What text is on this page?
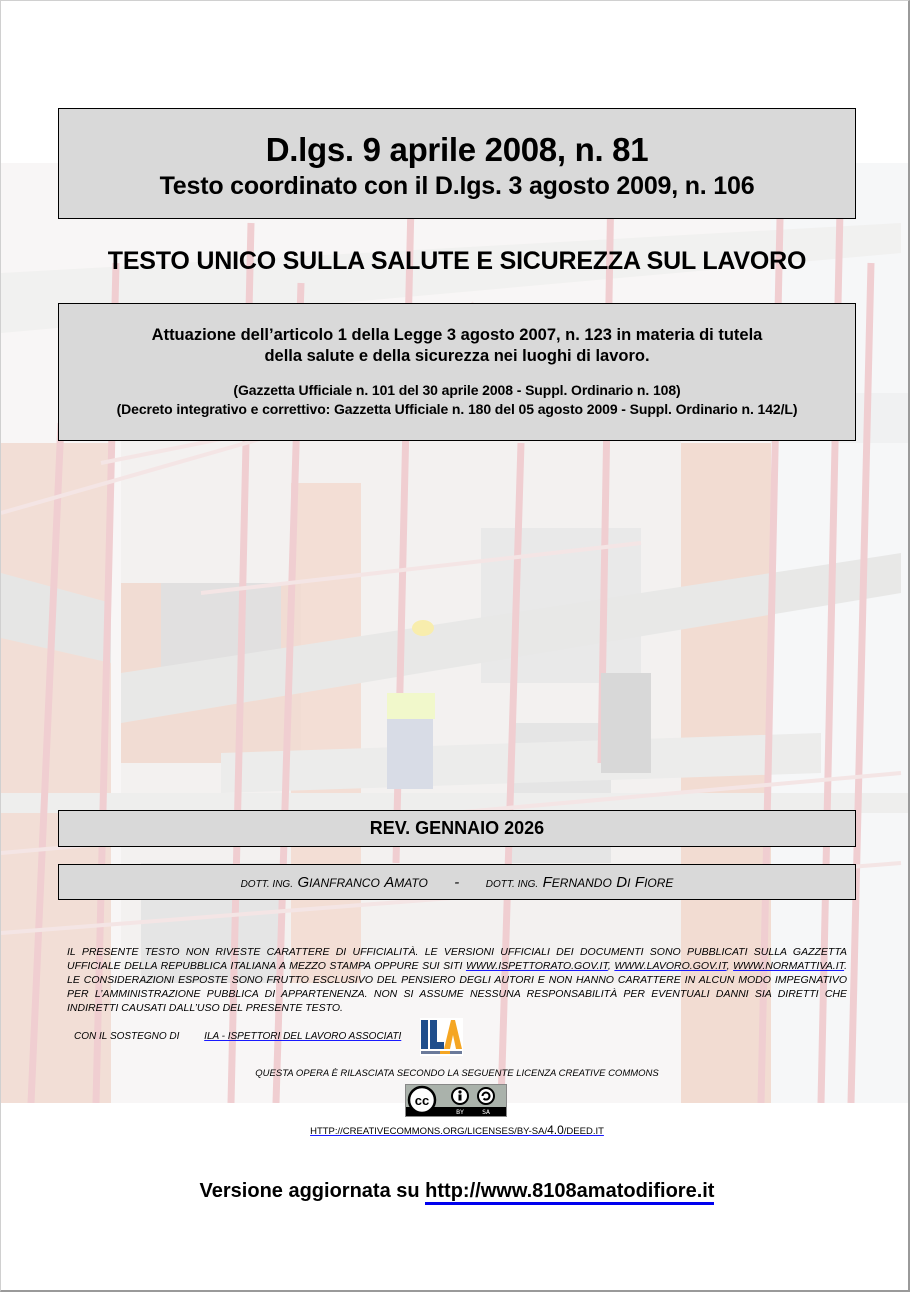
D.lgs. 9 aprile 2008, n. 81
Testo coordinato con il D.lgs. 3 agosto 2009, n. 106
TESTO UNICO SULLA SALUTE E SICUREZZA SUL LAVORO
Attuazione dell’articolo 1 della Legge 3 agosto 2007, n. 123 in materia di tutela
della salute e della sicurezza nei luoghi di lavoro.
(Gazzetta Ufficiale n. 101 del 30 aprile 2008 - Suppl. Ordinario n. 108)
(Decreto integrativo e correttivo: Gazzetta Ufficiale n. 180 del 05 agosto 2009 - Suppl. Ordinario n. 142/L)
REV. GENNAIO 2026
DOTT. ING. GIANFRANCO AMATO -	DOTT. ING. FERNANDO DI FIORE
IL PRESENTE TESTO NON RIVESTE CARATTERE DI UFFICIALITÀ. LE VERSIONI UFFICIALI DEI DOCUMENTI SONO PUBBLICATI SULLA GAZZETTA UFFICIALE DELLA REPUBBLICA ITALIANA A MEZZO STAMPA OPPURE SUI SITI WWW.ISPETTORATO.GOV.IT, WWW.LAVORO.GOV.IT, WWW.NORMATTIVA.IT. LE CONSIDERAZIONI ESPOSTE SONO FRUTTO ESCLUSIVO DEL PENSIERO DEGLI AUTORI E NON HANNO CARATTERE IN ALCUN MODO IMPEGNATIVO PER L’AMMINISTRAZIONE PUBBLICA DI APPARTENENZA. NON SI ASSUME NESSUNA RESPONSABILITÀ PER EVENTUALI DANNI SIA DIRETTI CHE INDIRETTI CAUSATI DALL’USO DEL PRESENTE TESTO.
CON IL SOSTEGNO DI ILA - ISPETTORI DEL LAVORO ASSOCIATI
QUESTA OPERA È RILASCIATA SECONDO LA SEGUENTE LICENZA CREATIVE COMMONS
cc
BY	SA
HTTP://CREATIVECOMMONS.ORG/LICENSES/BY-SA/4.0/DEED.IT
Versione aggiornata su http://www.8108amatodifiore.it
